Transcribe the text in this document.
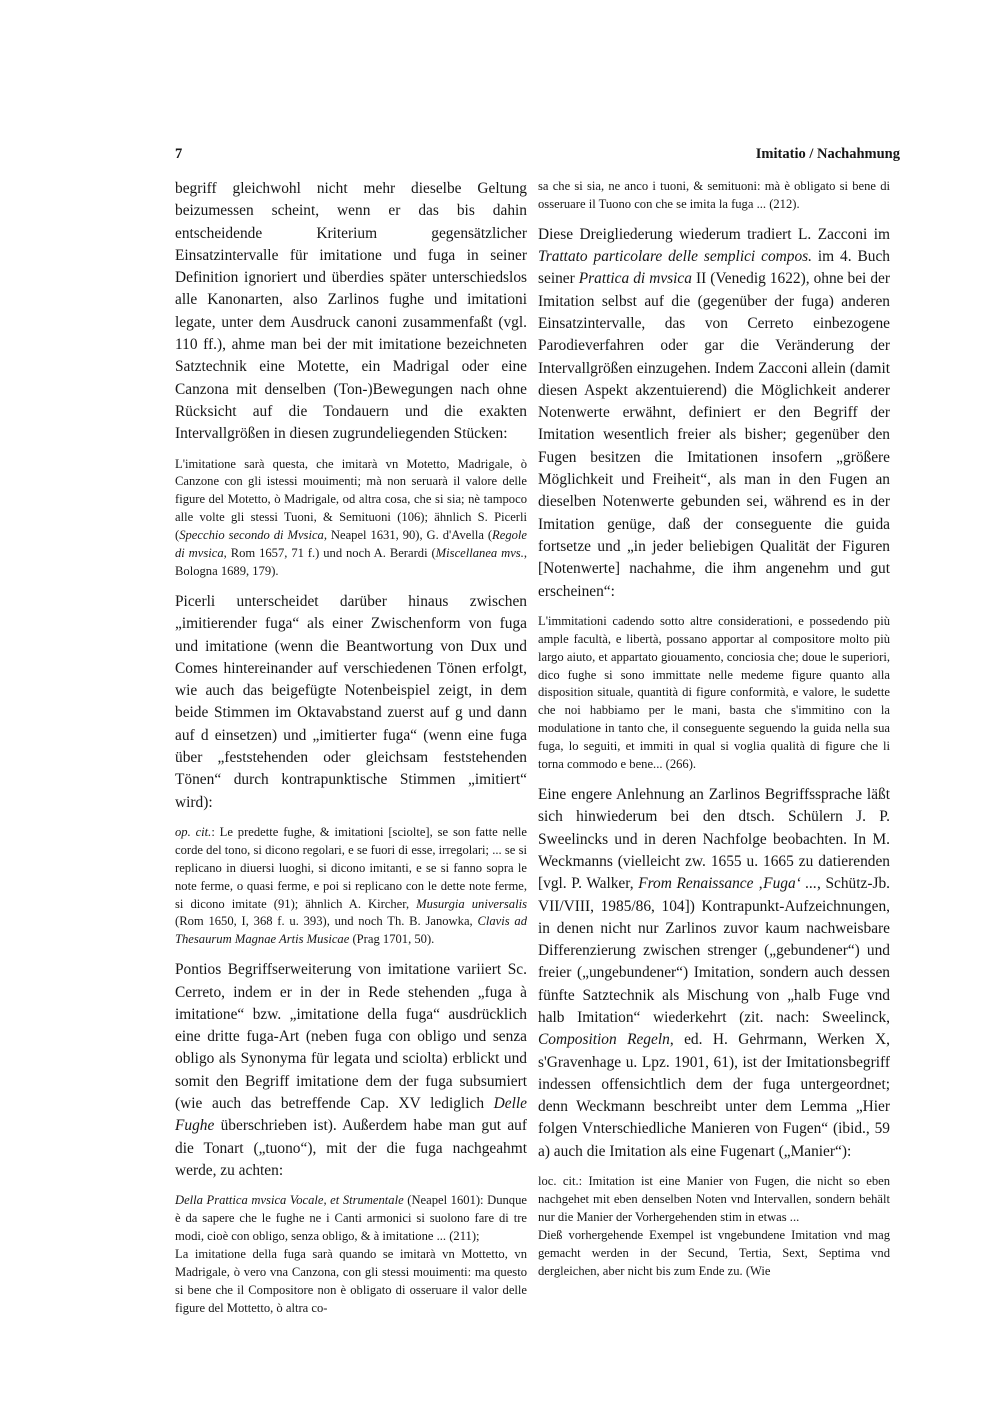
7	Imitatio / Nachahmung

begriff gleichwohl nicht mehr dieselbe Geltung beizumessen scheint, wenn er das bis dahin entscheidende Kriterium gegensätzlicher Einsatzintervalle für imitatione und fuga in seiner Definition ignoriert und überdies später unterschiedslos alle Kanonarten, also Zarlinos fughe und imitationi legate, unter dem Ausdruck canoni zusammenfaßt (vgl. 110 ff.), ahme man bei der mit imitatione bezeichneten Satztechnik eine Motette, ein Madrigal oder eine Canzona mit denselben (Ton-)Bewegungen nach ohne Rücksicht auf die Tondauern und die exakten Intervallgrößen in diesen zugrundeliegenden Stücken:

L'imitatione sarà questa, che imitarà vn Motetto, Madrigale, ò Canzone con gli istessi mouimenti; mà non seruarà il valore delle figure del Motetto, ò Madrigale, od altra cosa, che si sia; nè tampoco alle volte gli stessi Tuoni, & Semituoni (106); ähnlich S. Picerli (Specchio secondo di Mvsica, Neapel 1631, 90), G. d'Avella (Regole di mvsica, Rom 1657, 71 f.) und noch A. Berardi (Miscellanea mvs., Bologna 1689, 179).

Picerli unterscheidet darüber hinaus zwischen „imitierender fuga“ als einer Zwischenform von fuga und imitatione (wenn die Beantwortung von Dux und Comes hintereinander auf verschiedenen Tönen erfolgt, wie auch das beigefügte Notenbeispiel zeigt, in dem beide Stimmen im Oktavabstand zuerst auf g und dann auf d einsetzen) und „imitierter fuga“ (wenn eine fuga über „feststehenden oder gleichsam feststehenden Tönen“ durch kontrapunktische Stimmen „imitiert“ wird):

op. cit.: Le predette fughe, & imitationi [sciolte], se son fatte nelle corde del tono, si dicono regolari, e se fuori di esse, irregolari; ... se si replicano in diuersi luoghi, si dicono imitanti, e se si fanno sopra le note ferme, o quasi ferme, e poi si replicano con le dette note ferme, si dicono imitate (91); ähnlich A. Kircher, Musurgia universalis (Rom 1650, I, 368 f. u. 393), und noch Th. B. Janowka, Clavis ad Thesaurum Magnae Artis Musicae (Prag 1701, 50).

Pontios Begriffserweiterung von imitatione variiert Sc. Cerreto, indem er in der in Rede stehenden „fuga à imitatione“ bzw. „imitatione della fuga“ ausdrücklich eine dritte fuga-Art (neben fuga con obligo und senza obligo als Synonyma für legata und sciolta) erblickt und somit den Begriff imitatione dem der fuga subsumiert (wie auch das betreffende Cap. XV lediglich Delle Fughe überschrieben ist). Außerdem habe man gut auf die Tonart („tuono“), mit der die fuga nachgeahmt werde, zu achten:

Della Prattica mvsica Vocale, et Strumentale (Neapel 1601): Dunque è da sapere che le fughe ne i Canti armonici si suolono fare di tre modi, cioè con obligo, senza obligo, & à imitatione ... (211);

La imitatione della fuga sarà quando se imitarà vn Mottetto, vn Madrigale, ò vero vna Canzona, con gli stessi mouimenti: ma questo si bene che il Compositore non è obligato di osseruare il valor delle figure del Mottetto, ò altra co-

sa che si sia, ne anco i tuoni, & semituoni: mà è obligato si bene di osseruare il Tuono con che se imita la fuga ... (212).

Diese Dreigliederung wiederum tradiert L. Zacconi im Trattato particolare delle semplici compos. im 4. Buch seiner Prattica di mvsica II (Venedig 1622), ohne bei der Imitation selbst auf die (gegenüber der fuga) anderen Einsatzintervalle, das von Cerreto einbezogene Parodieverfahren oder gar die Veränderung der Intervallgrößen einzugehen. Indem Zacconi allein (damit diesen Aspekt akzentuierend) die Möglichkeit anderer Notenwerte erwähnt, definiert er den Begriff der Imitation wesentlich freier als bisher; gegenüber den Fugen besitzen die Imitationen insofern „größere Möglichkeit und Freiheit“, als man in den Fugen an dieselben Notenwerte gebunden sei, während es in der Imitation genüge, daß der conseguente die guida fortsetze und „in jeder beliebigen Qualität der Figuren [Notenwerte] nachahme, die ihm angenehm und gut erscheinen“:

L'immitationi cadendo sotto altre considerationi, e possedendo più ample facultà, e libertà, possano apportar al compositore molto più largo aiuto, et appartato giouamento, conciosia che; doue le superiori, dico fughe si sono immittate nelle medeme figure quanto alla disposition situale, quantità di figure conformità, e valore, le sudette che noi habbiamo per le mani, basta che s'immitino con la modulatione in tanto che, il conseguente seguendo la guida nella sua fuga, lo seguiti, et immiti in qual si voglia qualità di figure che li torna commodo e bene... (266).

Eine engere Anlehnung an Zarlinos Begriffssprache läßt sich hinwiederum bei den dtsch. Schülern J. P. Sweelincks und in deren Nachfolge beobachten. In M. Weckmanns (vielleicht zw. 1655 u. 1665 zu datierenden [vgl. P. Walker, From Renaissance ‚Fuga‘ ..., Schütz-Jb. VII/VIII, 1985/86, 104]) Kontrapunkt-Aufzeichnungen, in denen nicht nur Zarlinos zuvor kaum nachweisbare Differenzierung zwischen strenger („gebundener“) und freier („ungebundener“) Imitation, sondern auch dessen fünfte Satztechnik als Mischung von „halb Fuge vnd halb Imitation“ wiederkehrt (zit. nach: Sweelinck, Composition Regeln, ed. H. Gehrmann, Werken X, s'Gravenhage u. Lpz. 1901, 61), ist der Imitationsbegriff indessen offensichtlich dem der fuga untergeordnet; denn Weckmann beschreibt unter dem Lemma „Hier folgen Vnterschiedliche Manieren von Fugen“ (ibid., 59 a) auch die Imitation als eine Fugenart („Manier“):

loc. cit.: Imitation ist eine Manier von Fugen, die nicht so eben nachgehet mit eben denselben Noten vnd Intervallen, sondern behält nur die Manier der Vorhergehenden stim in etwas ...

Dieß vorhergehende Exempel ist vngebundene Imitation vnd mag gemacht werden in der Secund, Tertia, Sext, Septima vnd dergleichen, aber nicht bis zum Ende zu. (Wie
